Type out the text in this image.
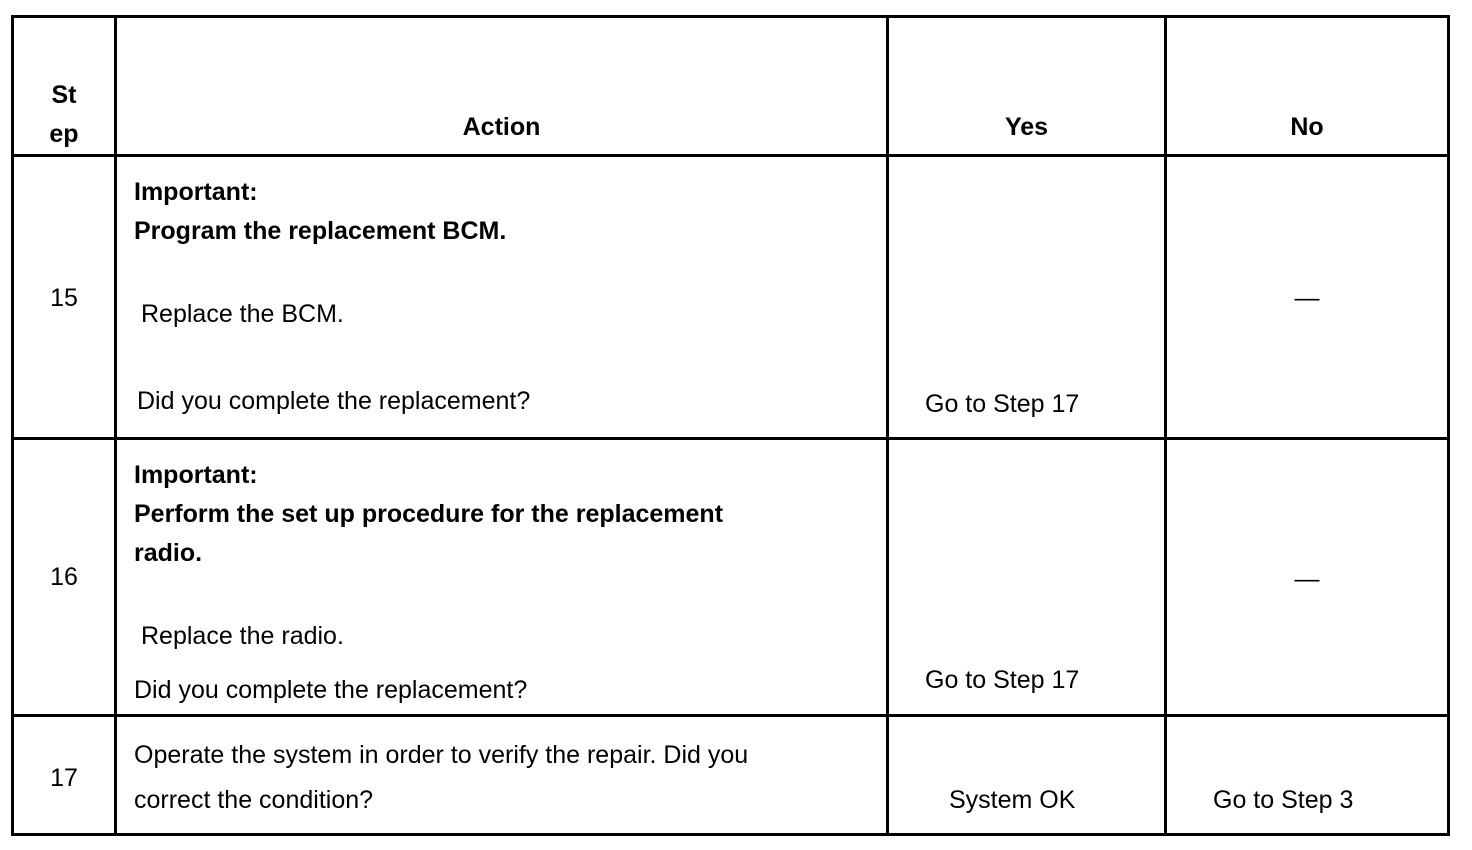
St
ep	Action	Yes	No

15	Important:
Program the replacement BCM.
Replace the BCM.
Did you complete the replacement?	Go to Step 17	—

16	Important:
Perform the set up procedure for the replacement
radio.
Replace the radio.
Did you complete the replacement?	Go to Step 17	—

17	Operate the system in order to verify the repair. Did you
correct the condition?	System OK	Go to Step 3
